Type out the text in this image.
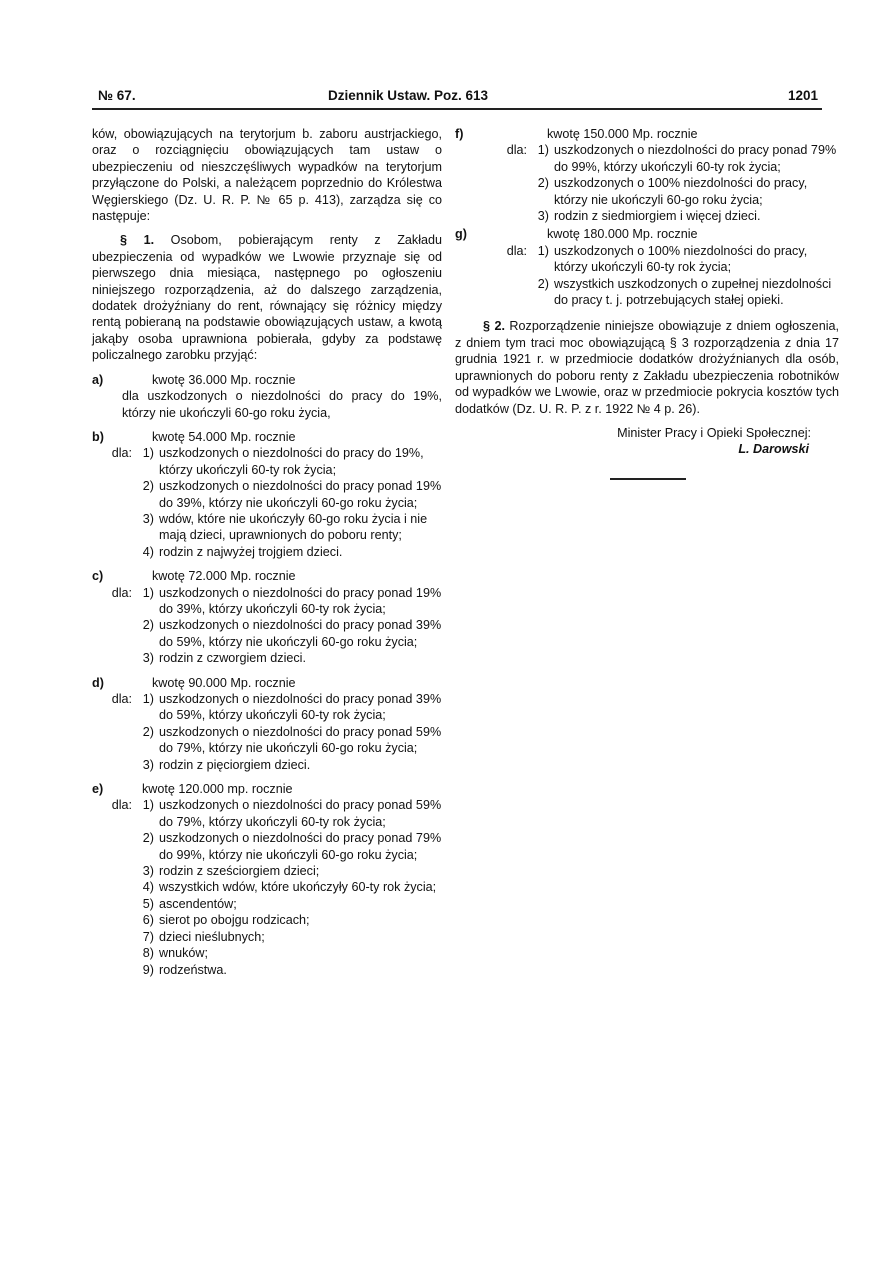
№ 67.	Dziennik Ustaw. Poz. 613	1201

ków, obowiązujących na terytorjum b. zaboru austrjackiego, oraz o rozciągnięciu obowiązujących tam ustaw o ubezpieczeniu od nieszczęśliwych wypadków na terytorjum przyłączone do Polski, a należącem poprzednio do Królestwa Węgierskiego (Dz. U. R. P. № 65 p. 413), zarządza się co następuje:

§ 1. Osobom, pobierającym renty z Zakładu ubezpieczenia od wypadków we Lwowie przyznaje się od pierwszego dnia miesiąca, następnego po ogłoszeniu niniejszego rozporządzenia, aż do dalszego zarządzenia, dodatek drożyźniany do rent, równający się różnicy między rentą pobieraną na podstawie obowiązujących ustaw, a kwotą jakąby osoba uprawniona pobierała, gdyby za podstawę policzalnego zarobku przyjąć:

a)	kwotę 36.000 Mp. rocznie

dla uszkodzonych o niezdolności do pracy do 19%, którzy nie ukończyli 60-go roku życia,

b)	kwotę 54.000 Mp. rocznie
dla: 1) uszkodzonych o niezdolności do pracy do 19%, którzy ukończyli 60-ty rok życia;
2) uszkodzonych o niezdolności do pracy ponad 19% do 39%, którzy nie ukończyli 60-go roku życia;
3) wdów, które nie ukończyły 60-go roku życia i nie mają dzieci, uprawnionych do poboru renty;
4) rodzin z najwyżej trojgiem dzieci.
c)	kwotę 72.000 Mp. rocznie
dla: 1) uszkodzonych o niezdolności do pracy ponad 19% do 39%, którzy ukończyli 60-ty rok życia;
2) uszkodzonych o niezdolności do pracy ponad 39% do 59%, którzy nie ukończyli 60-go roku życia;
3) rodzin z czworgiem dzieci.
d)	kwotę 90.000 Mp. rocznie
dla: 1) uszkodzonych o niezdolności do pracy ponad 39% do 59%, którzy ukończyli 60-ty rok życia;
2) uszkodzonych o niezdolności do pracy ponad 59% do 79%, którzy nie ukończyli 60-go roku życia;
3) rodzin z pięciorgiem dzieci.
e)	kwotę 120.000 mp. rocznie
dla: 1) uszkodzonych o niezdolności do pracy ponad 59% do 79%, którzy ukończyli 60-ty rok życia;
2) uszkodzonych o niezdolności do pracy ponad 79% do 99%, którzy nie ukończyli 60-go roku życia;
3) rodzin z sześciorgiem dzieci;
4) wszystkich wdów, które ukończyły 60-ty rok życia;
5) ascendentów;
6) sierot po obojgu rodzicach;
7) dzieci nieślubnych;
8) wnuków;
9) rodzeństwa.
f)	kwotę 150.000 Mp. rocznie
dla: 1) uszkodzonych o niezdolności do pracy ponad 79% do 99%, którzy ukończyli 60-ty rok życia;
2) uszkodzonych o 100% niezdolności do pracy, którzy nie ukończyli 60-go roku życia;
3) rodzin z siedmiorgiem i więcej dzieci.
g)	kwotę 180.000 Mp. rocznie
dla: 1) uszkodzonych o 100% niezdolności do pracy, którzy ukończyli 60-ty rok życia;
2) wszystkich uszkodzonych o zupełnej niezdolności do pracy t. j. potrzebujących stałej opieki.

§ 2. Rozporządzenie niniejsze obowiązuje z dniem ogłoszenia, z dniem tym traci moc obowiązującą § 3 rozporządzenia z dnia 17 grudnia 1921 r. w przedmiocie dodatków drożyźnianych dla osób, uprawnionych do poboru renty z Zakładu ubezpieczenia robotników od wypadków we Lwowie, oraz w przedmiocie pokrycia kosztów tych dodatków (Dz. U. R. P. z r. 1922 № 4 p. 26).

Minister Pracy i Opieki Społecznej:

L. Darowski
